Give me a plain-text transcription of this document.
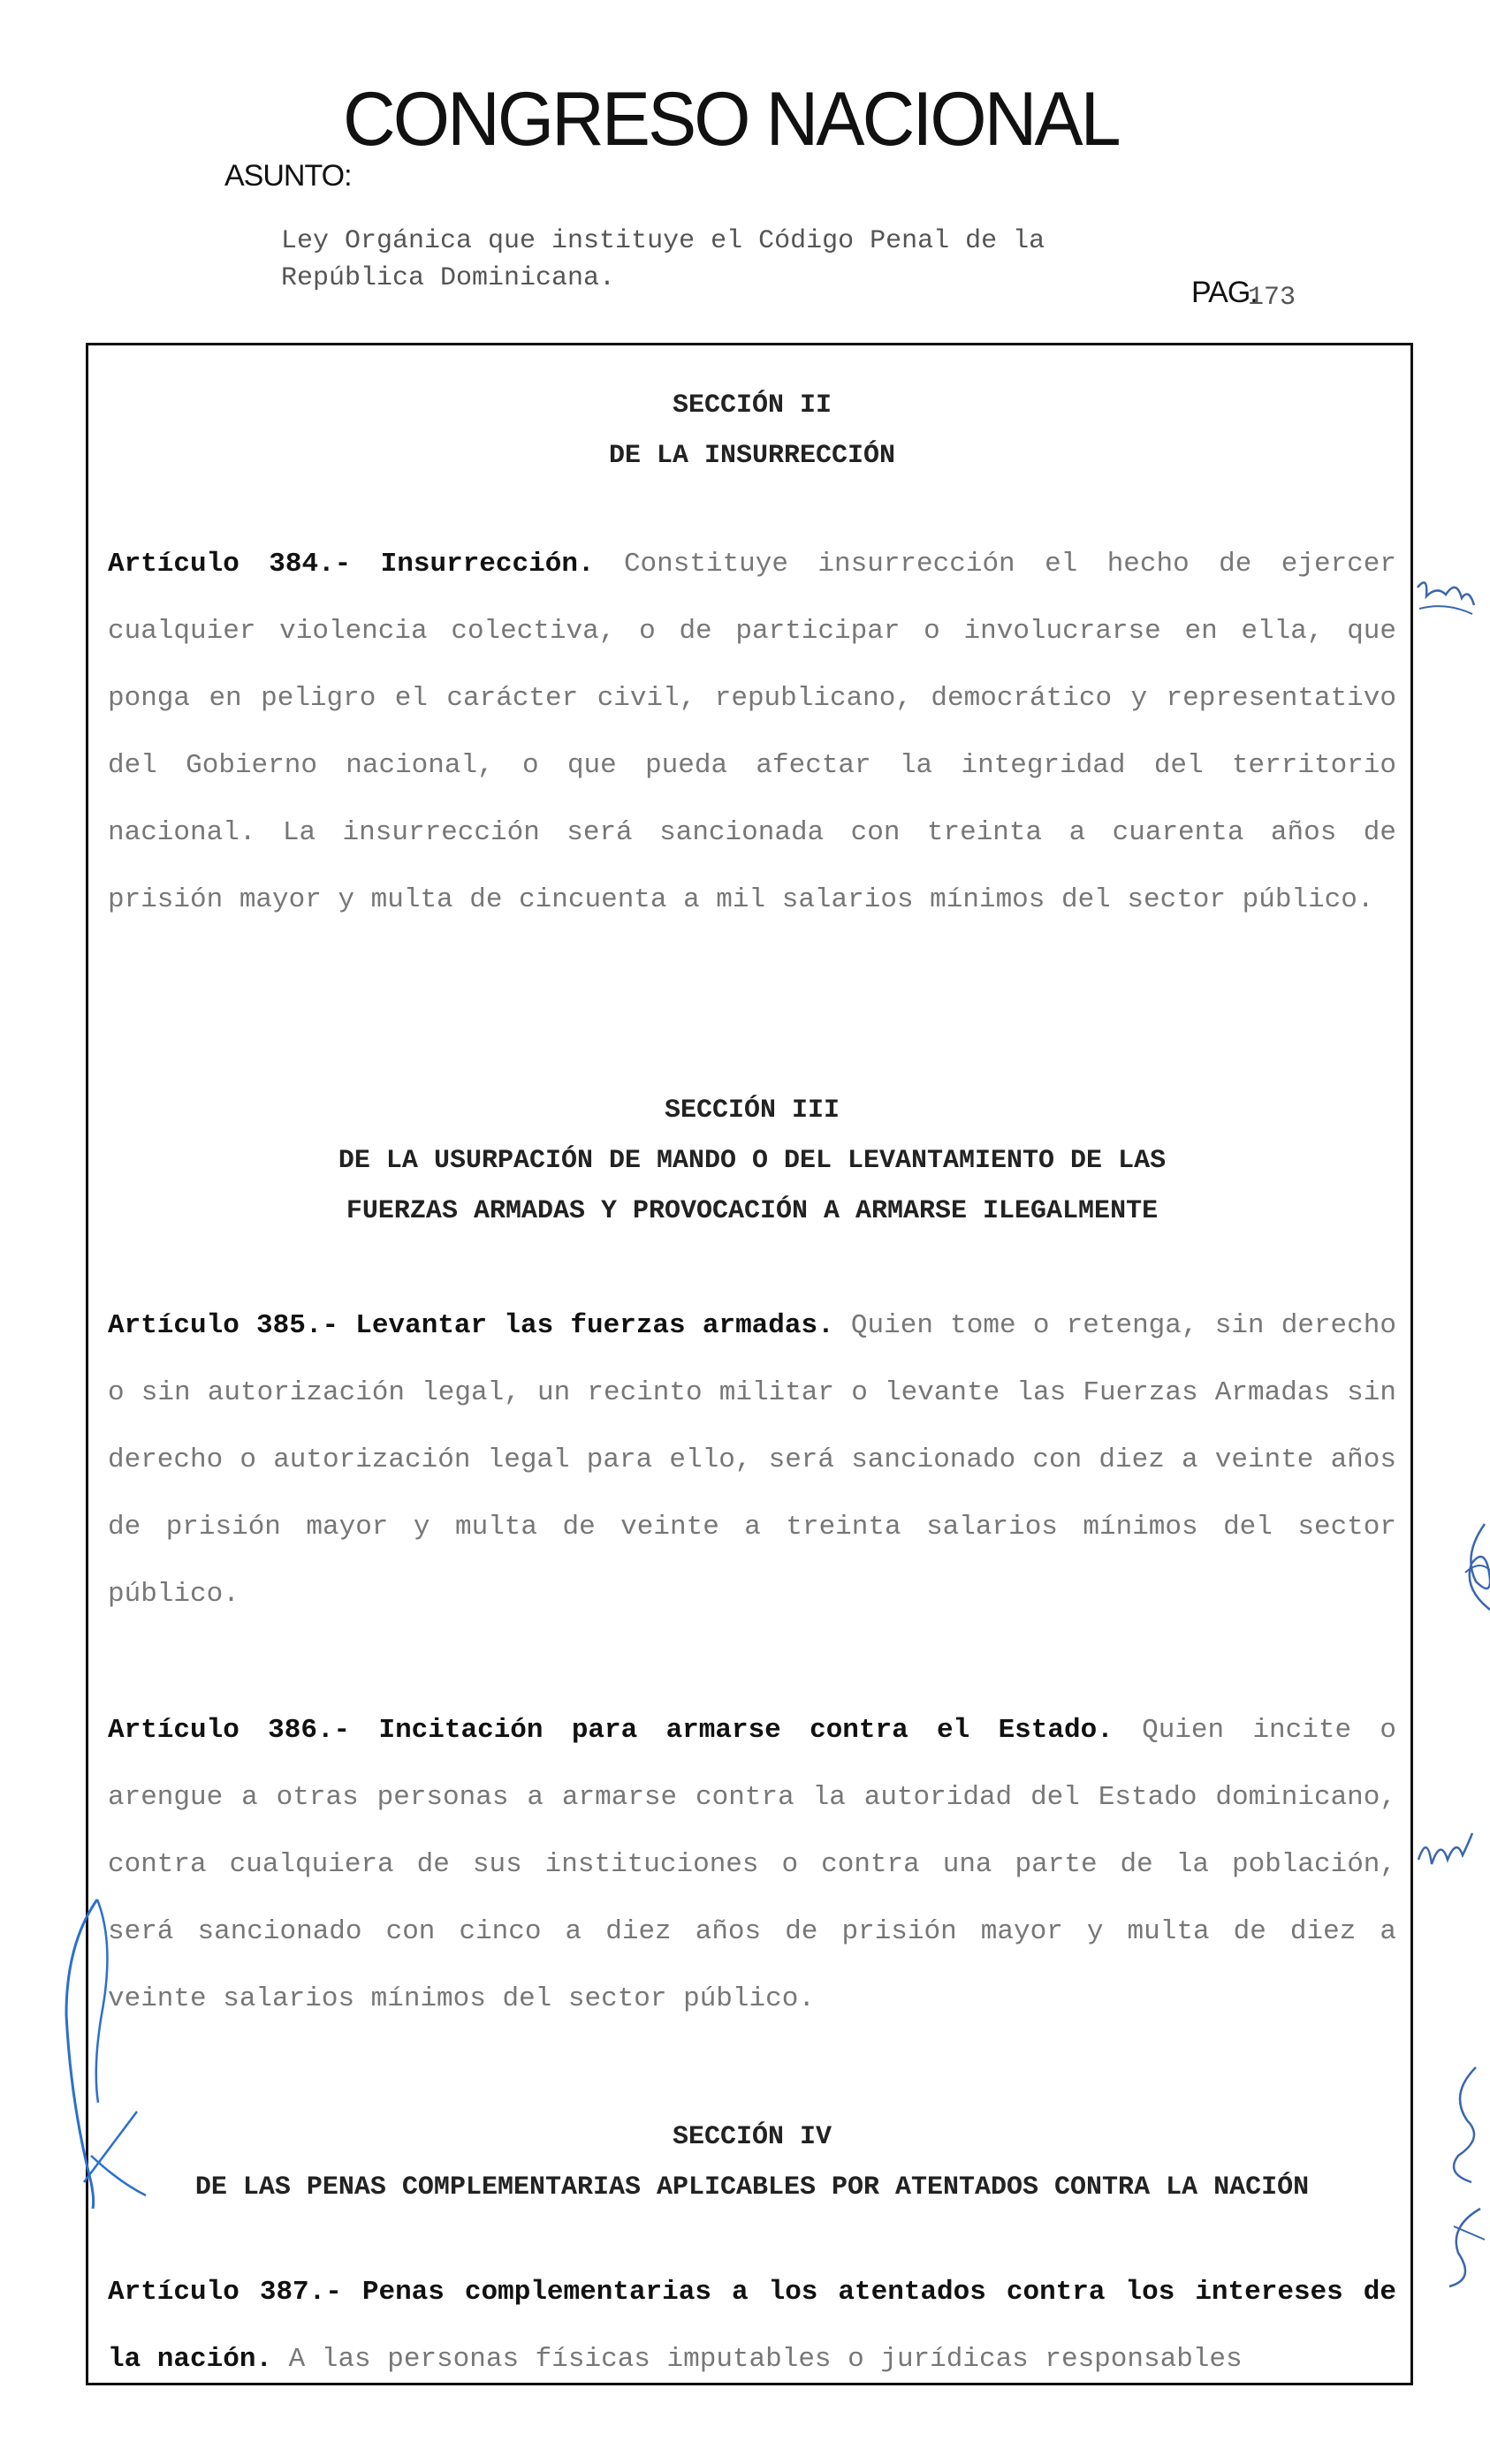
CONGRESO NACIONAL
ASUNTO:
Ley Orgánica que instituye el Código Penal de la
República Dominicana.	PAG.
173
SECCIÓN II
DE LA INSURRECCIÓN
Artículo 384.- Insurrección. Constituye insurrección el hecho de ejercer cualquier violencia colectiva, o de participar o involucrarse en ella, que ponga en peligro el carácter civil, republicano, democrático y representativo del Gobierno nacional, o que pueda afectar la integridad del territorio nacional. La insurrección será sancionada con treinta a cuarenta años de prisión mayor y multa de cincuenta a mil salarios mínimos del sector público.
SECCIÓN III
DE LA USURPACIÓN DE MANDO O DEL LEVANTAMIENTO DE LAS
FUERZAS ARMADAS Y PROVOCACIÓN A ARMARSE ILEGALMENTE
Artículo 385.- Levantar las fuerzas armadas. Quien tome o retenga, sin derecho o sin autorización legal, un recinto militar o levante las Fuerzas Armadas sin derecho o autorización legal para ello, será sancionado con diez a veinte años de prisión mayor y multa de veinte a treinta salarios mínimos del sector público.
Artículo 386.- Incitación para armarse contra el Estado. Quien incite o arengue a otras personas a armarse contra la autoridad del Estado dominicano, contra cualquiera de sus instituciones o contra una parte de la población, será sancionado con cinco a diez años de prisión mayor y multa de diez a veinte salarios mínimos del sector público.
SECCIÓN IV
DE LAS PENAS COMPLEMENTARIAS APLICABLES POR ATENTADOS CONTRA LA NACIÓN
Artículo 387.- Penas complementarias a los atentados contra los intereses de la nación. A las personas físicas imputables o jurídicas responsables
